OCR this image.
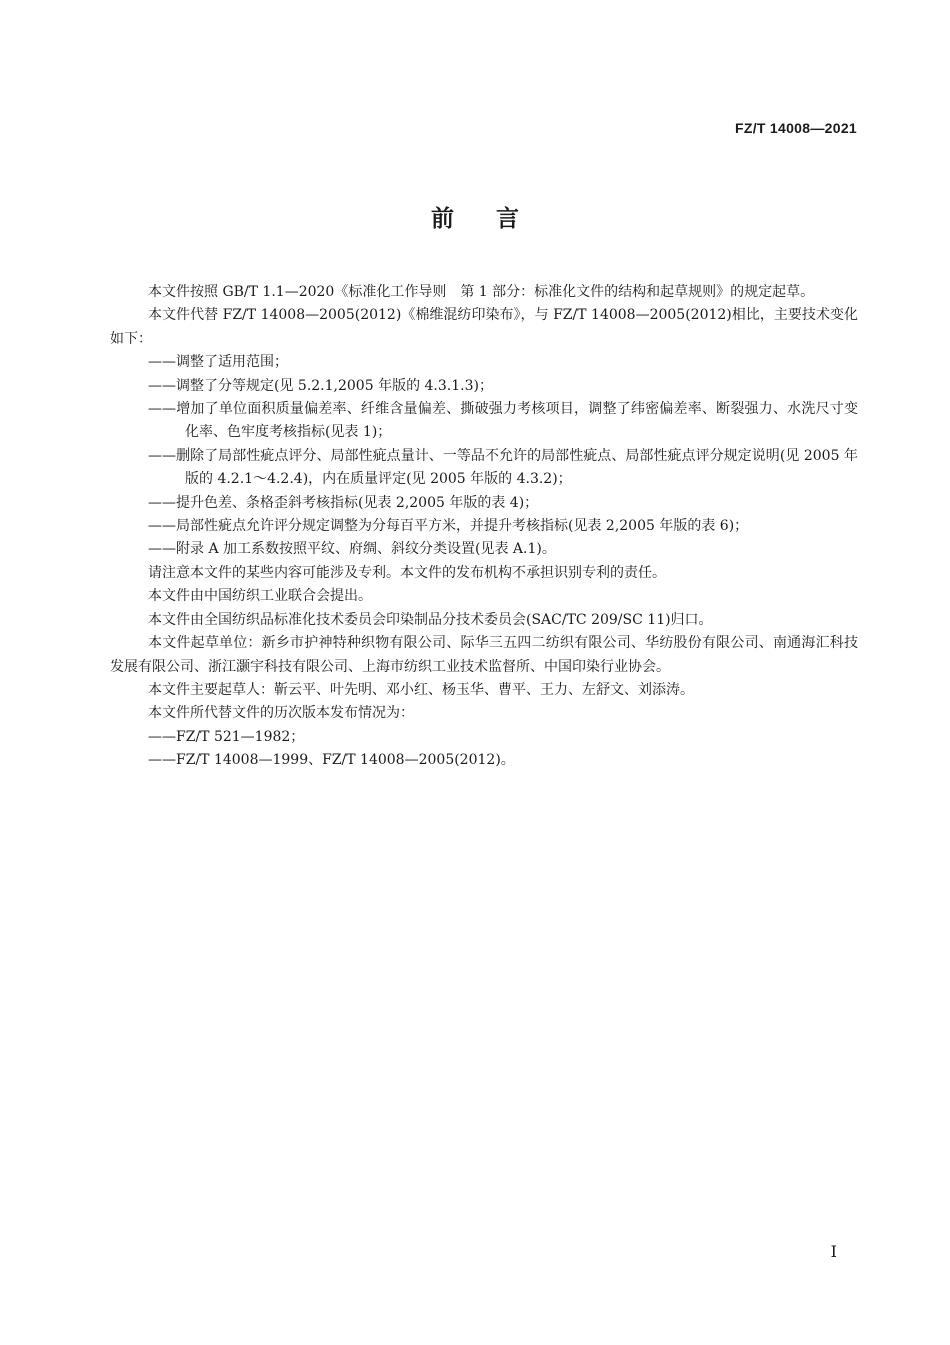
FZ/T 14008—2021
前言

本文件按照 GB/T 1.1—2020《标准化工作导则　第 1 部分：标准化文件的结构和起草规则》的规定起草。

本文件代替 FZ/T 14008—2005(2012)《棉维混纺印染布》，与 FZ/T 14008—2005(2012)相比，主要技术变化如下：

——调整了适用范围；

——调整了分等规定(见 5.2.1,2005 年版的 4.3.1.3)；

——增加了单位面积质量偏差率、纤维含量偏差、撕破强力考核项目，调整了纬密偏差率、断裂强力、水洗尺寸变化率、色牢度考核指标(见表 1)；

——删除了局部性疵点评分、局部性疵点量计、一等品不允许的局部性疵点、局部性疵点评分规定说明(见 2005 年版的 4.2.1～4.2.4)，内在质量评定(见 2005 年版的 4.3.2)；

——提升色差、条格歪斜考核指标(见表 2,2005 年版的表 4)；

——局部性疵点允许评分规定调整为分每百平方米，并提升考核指标(见表 2,2005 年版的表 6)；

——附录 A 加工系数按照平纹、府绸、斜纹分类设置(见表 A.1)。

请注意本文件的某些内容可能涉及专利。本文件的发布机构不承担识别专利的责任。

本文件由中国纺织工业联合会提出。

本文件由全国纺织品标准化技术委员会印染制品分技术委员会(SAC/TC 209/SC 11)归口。

本文件起草单位：新乡市护神特种织物有限公司、际华三五四二纺织有限公司、华纺股份有限公司、南通海汇科技发展有限公司、浙江灏宇科技有限公司、上海市纺织工业技术监督所、中国印染行业协会。

本文件主要起草人：靳云平、叶先明、邓小红、杨玉华、曹平、王力、左舒文、刘添涛。

本文件所代替文件的历次版本发布情况为：

——FZ/T 521—1982；

——FZ/T 14008—1999、FZ/T 14008—2005(2012)。

I
